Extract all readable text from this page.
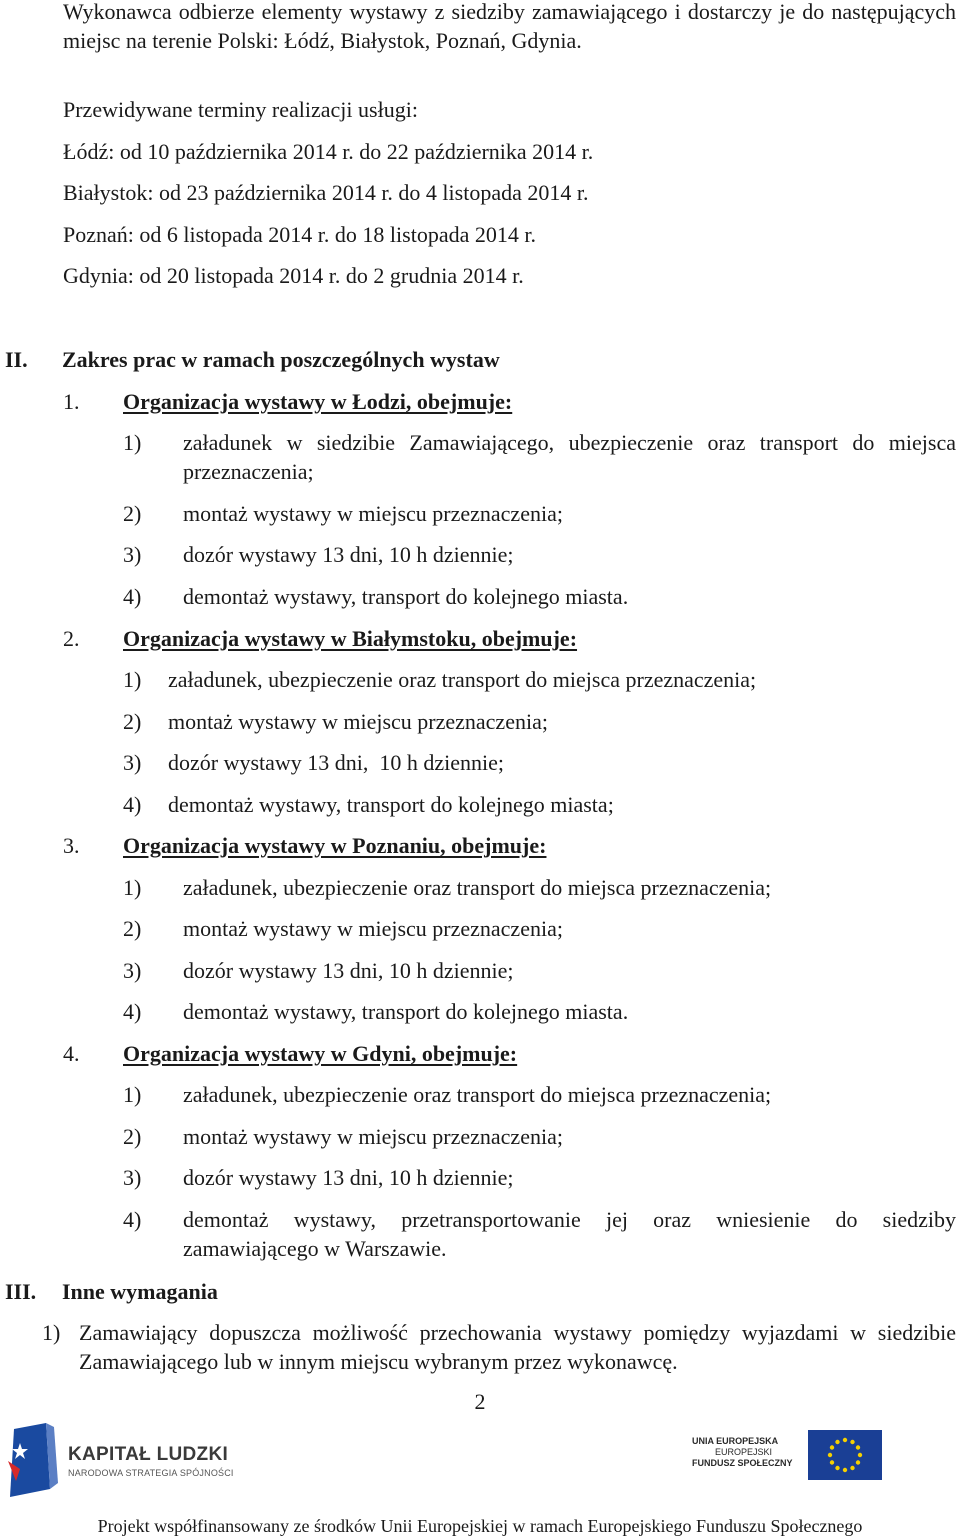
Wykonawca odbierze elementy wystawy z siedziby zamawiającego i dostarczy je do następujących miejsc na terenie Polski: Łódź, Białystok, Poznań, Gdynia.
Przewidywane terminy realizacji usługi:
Łódź: od 10 października 2014 r. do 22 października 2014 r.
Białystok: od 23 października 2014 r. do 4 listopada 2014 r.
Poznań: od 6 listopada 2014 r. do 18 listopada 2014 r.
Gdynia: od 20 listopada 2014 r. do 2 grudnia 2014 r.
II. Zakres prac w ramach poszczególnych wystaw
1. Organizacja wystawy w Łodzi, obejmuje:
1) załadunek w siedzibie Zamawiającego, ubezpieczenie oraz transport do miejsca przeznaczenia;
2) montaż wystawy w miejscu przeznaczenia;
3) dozór wystawy 13 dni, 10 h dziennie;
4) demontaż wystawy, transport do kolejnego miasta.
2. Organizacja wystawy w Białymstoku, obejmuje:
1) załadunek, ubezpieczenie oraz transport do miejsca przeznaczenia;
2) montaż wystawy w miejscu przeznaczenia;
3) dozór wystawy 13 dni,  10 h dziennie;
4) demontaż wystawy, transport do kolejnego miasta;
3. Organizacja wystawy w Poznaniu, obejmuje:
1) załadunek, ubezpieczenie oraz transport do miejsca przeznaczenia;
2) montaż wystawy w miejscu przeznaczenia;
3) dozór wystawy 13 dni, 10 h dziennie;
4) demontaż wystawy, transport do kolejnego miasta.
4. Organizacja wystawy w Gdyni, obejmuje:
1) załadunek, ubezpieczenie oraz transport do miejsca przeznaczenia;
2) montaż wystawy w miejscu przeznaczenia;
3) dozór wystawy 13 dni, 10 h dziennie;
4) demontaż wystawy, przetransportowanie jej oraz wniesienie do siedziby zamawiającego w Warszawie.
III. Inne wymagania
1) Zamawiający dopuszcza możliwość przechowania wystawy pomiędzy wyjazdami w siedzibie Zamawiającego lub w innym miejscu wybranym przez wykonawcę.
2
KAPITAŁ LUDZKI
NARODOWA STRATEGIA SPÓJNOŚCI
UNIA EUROPEJSKA
EUROPEJSKI
FUNDUSZ SPOŁECZNY
Projekt współfinansowany ze środków Unii Europejskiej w ramach Europejskiego Funduszu Społecznego
